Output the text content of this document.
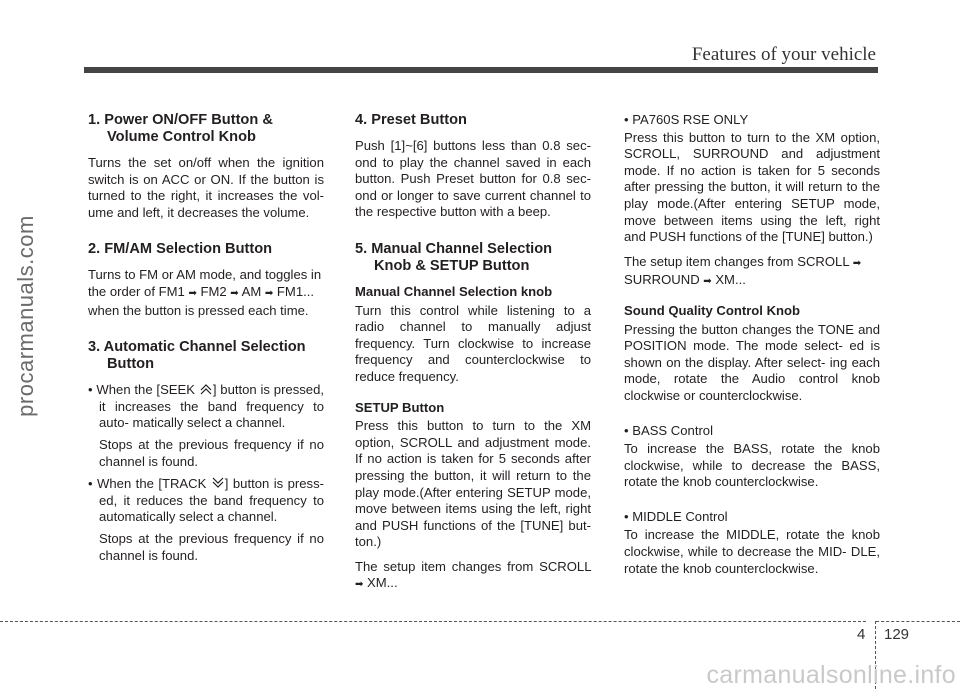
Features of your vehicle
procarmanuals.com
1. Power ON/OFF Button &
Volume Control Knob

Turns the set on/off when the ignition switch is on ACC or ON. If the button is turned to the right, it increases the vol- ume and left, it decreases the volume.

2. FM/AM Selection Button

Turns to FM or AM mode, and toggles in
the order of FM1 ➡ FM2 ➡ AM ➡ FM1...
when the button is pressed each time.

3. Automatic Channel Selection
Button

• When the [SEEK ] button is pressed, it increases the band frequency to auto- matically select a channel.

Stops at the previous frequency if no channel is found.

• When the [TRACK ] button is press- ed, it reduces the band frequency to automatically select a channel.

Stops at the previous frequency if no channel is found.

4. Preset Button

Push [1]~[6] buttons less than 0.8 sec- ond to play the channel saved in each button. Push Preset button for 0.8 sec- ond or longer to save current channel to the respective button with a beep.

5. Manual Channel Selection
Knob & SETUP Button
Manual Channel Selection knob

Turn this control while listening to a radio channel to manually adjust frequency. Turn clockwise to increase frequency and counterclockwise to reduce frequency.

SETUP Button

Press this button to turn to the XM option, SCROLL and adjustment mode. If no action is taken for 5 seconds after pressing the button, it will return to the play mode.(After entering SETUP mode, move between items using the left, right and PUSH functions of the [TUNE] but- ton.)

The setup item changes from SCROLL ➡ XM...

• PA760S RSE ONLY

Press this button to turn to the XM option, SCROLL, SURROUND and adjustment mode. If no action is taken for 5 seconds after pressing the button, it will return to the play mode.(After entering SETUP mode, move between items using the left, right and PUSH functions of the [TUNE] button.)

The setup item changes from SCROLL ➡
SURROUND ➡ XM...

Sound Quality Control Knob

Pressing the button changes the TONE and POSITION mode. The mode select- ed is shown on the display. After select- ing each mode, rotate the Audio control knob clockwise or counterclockwise.

• BASS Control

To increase the BASS, rotate the knob clockwise, while to decrease the BASS, rotate the knob counterclockwise.

• MIDDLE Control

To increase the MIDDLE, rotate the knob clockwise, while to decrease the MID- DLE, rotate the knob counterclockwise.

4 129
carmanualsonline.info
